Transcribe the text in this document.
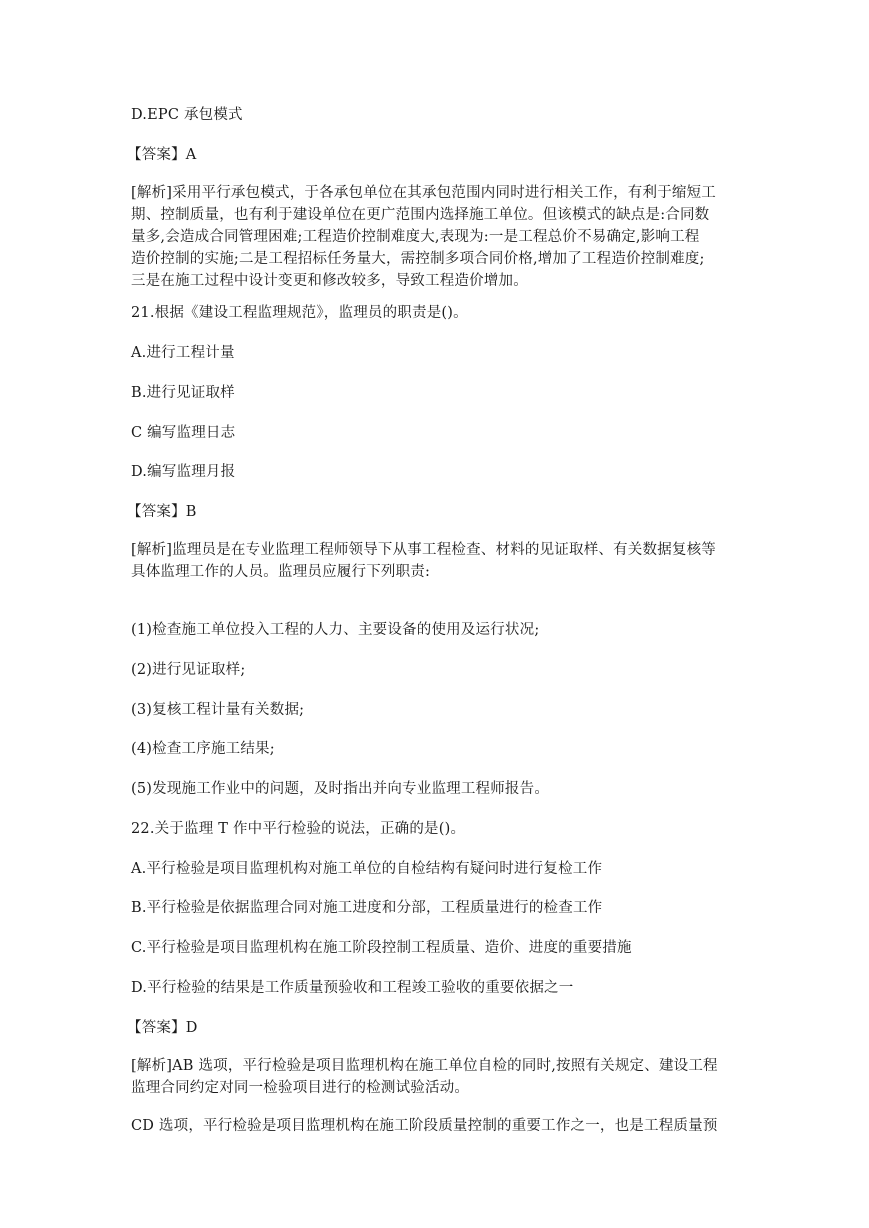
D.EPC 承包模式
【答案】A
[解析]采用平行承包模式，于各承包单位在其承包范围内同时进行相关工作，有利于缩短工
期、控制质量，也有利于建设单位在更广范围内选择施工单位。但该模式的缺点是:合同数
量多,会造成合同管理困难;工程造价控制难度大,表现为:一是工程总价不易确定,影响工程
造价控制的实施;二是工程招标任务量大，需控制多项合同价格,增加了工程造价控制难度;
三是在施工过程中设计变更和修改较多，导致工程造价增加。
21.根据《建设工程监理规范》，监理员的职责是()。
A.进行工程计量
B.进行见证取样
C 编写监理日志
D.编写监理月报
【答案】B
[解析]监理员是在专业监理工程师领导下从事工程检查、材料的见证取样、有关数据复核等
具体监理工作的人员。监理员应履行下列职责:
(1)检查施工单位投入工程的人力、主要设备的使用及运行状况;
(2)进行见证取样;
(3)复核工程计量有关数据;
(4)检查工序施工结果;
(5)发现施工作业中的问题，及时指出并向专业监理工程师报告。
22.关于监理 T 作中平行检验的说法，正确的是()。
A.平行检验是项目监理机构对施工单位的自检结构有疑问时进行复检工作
B.平行检验是依据监理合同对施工进度和分部，工程质量进行的检查工作
C.平行检验是项目监理机构在施工阶段控制工程质量、造价、进度的重要措施
D.平行检验的结果是工作质量预验收和工程竣工验收的重要依据之一
【答案】D
[解析]AB 选项，平行检验是项目监理机构在施工单位自检的同时,按照有关规定、建设工程
监理合同约定对同一检验项目进行的检测试验活动。
CD 选项，平行检验是项目监理机构在施工阶段质量控制的重要工作之一，也是工程质量预
